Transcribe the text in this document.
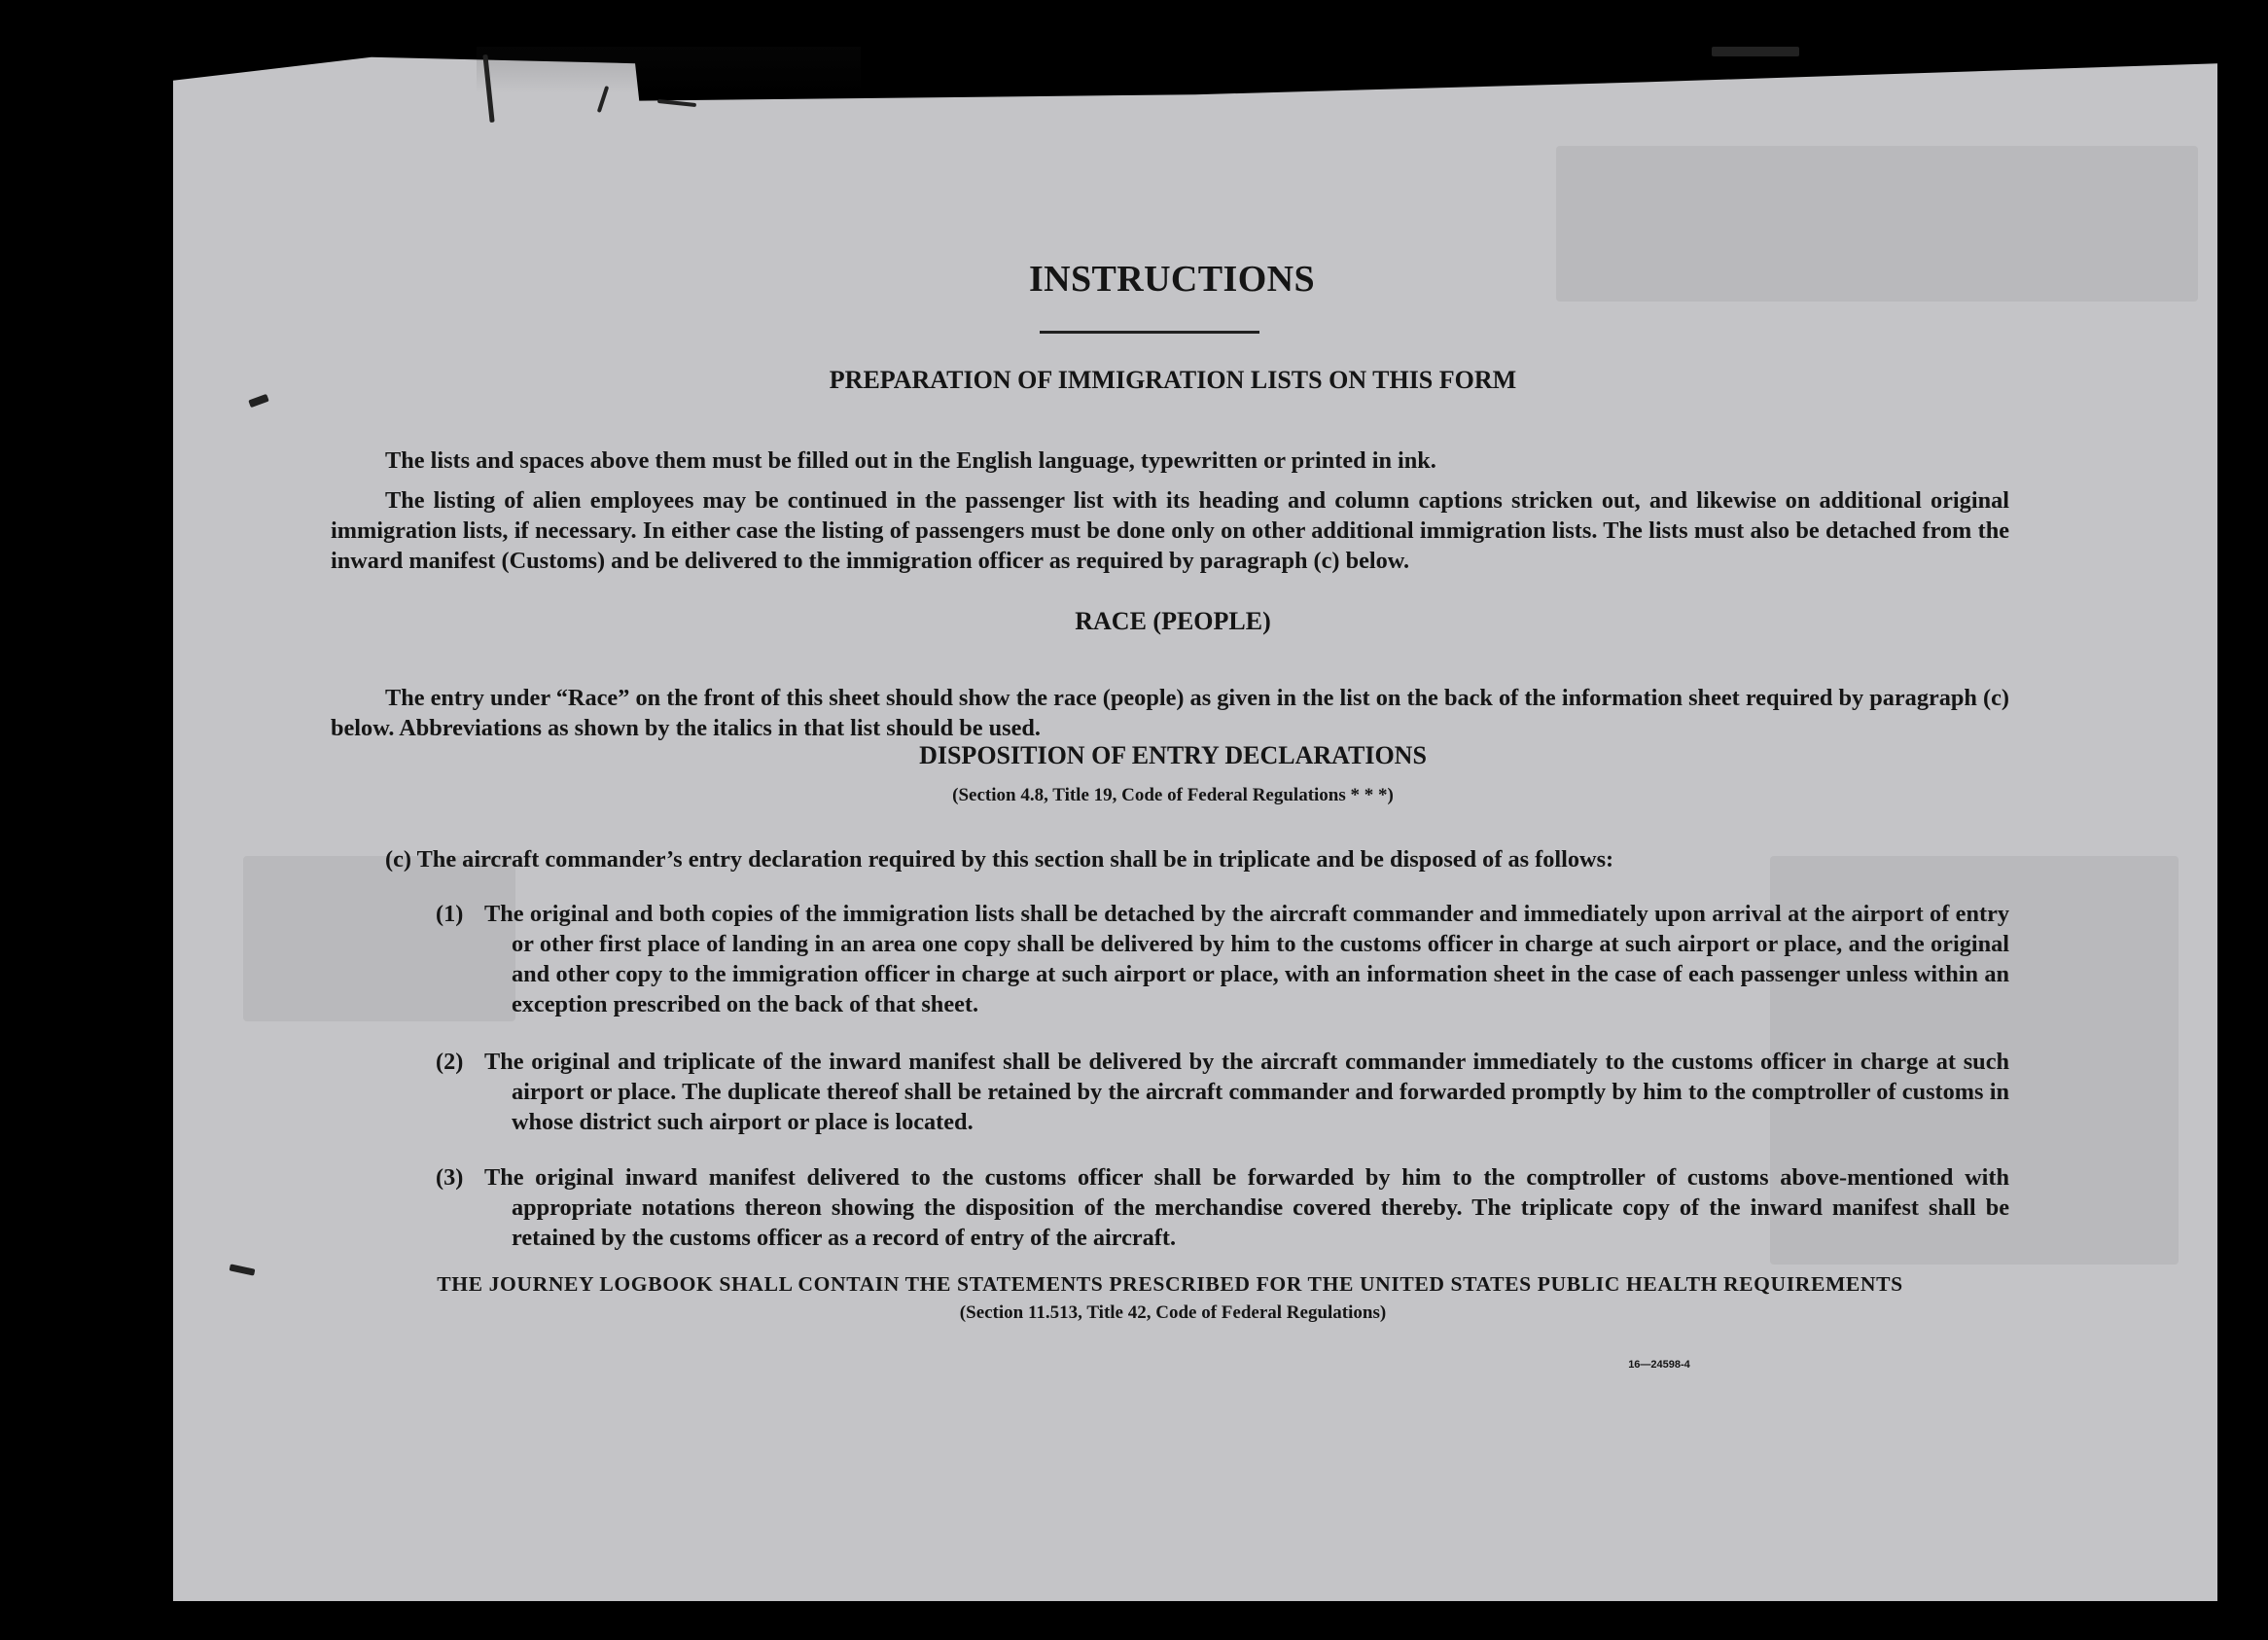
INSTRUCTIONS
PREPARATION OF IMMIGRATION LISTS ON THIS FORM

The lists and spaces above them must be filled out in the English language, typewritten or printed in ink.

The listing of alien employees may be continued in the passenger list with its heading and column captions stricken out, and likewise on additional original immigration lists, if necessary. In either case the listing of passengers must be done only on other additional immigration lists. The lists must also be detached from the inward manifest (Customs) and be delivered to the immigration officer as required by paragraph (c) below.

RACE (PEOPLE)

The entry under “Race” on the front of this sheet should show the race (people) as given in the list on the back of the information sheet required by paragraph (c) below. Abbreviations as shown by the italics in that list should be used.

DISPOSITION OF ENTRY DECLARATIONS
(Section 4.8, Title 19, Code of Federal Regulations * * *)

(c) The aircraft commander’s entry declaration required by this section shall be in triplicate and be disposed of as follows:

(1) The original and both copies of the immigration lists shall be detached by the aircraft commander and immediately upon arrival at the airport of entry or other first place of landing in an area one copy shall be delivered by him to the customs officer in charge at such airport or place, and the original and other copy to the immigration officer in charge at such airport or place, with an information sheet in the case of each passenger unless within an exception prescribed on the back of that sheet.

(2) The original and triplicate of the inward manifest shall be delivered by the aircraft commander immediately to the customs officer in charge at such airport or place. The duplicate thereof shall be retained by the aircraft commander and forwarded promptly by him to the comptroller of customs in whose district such airport or place is located.

(3) The original inward manifest delivered to the customs officer shall be forwarded by him to the comptroller of customs above-mentioned with appropriate notations thereon showing the disposition of the merchandise covered thereby. The triplicate copy of the inward manifest shall be retained by the customs officer as a record of entry of the aircraft.

THE JOURNEY LOGBOOK SHALL CONTAIN THE STATEMENTS PRESCRIBED FOR THE UNITED STATES PUBLIC HEALTH REQUIREMENTS
(Section 11.513, Title 42, Code of Federal Regulations)
16—24598-4
